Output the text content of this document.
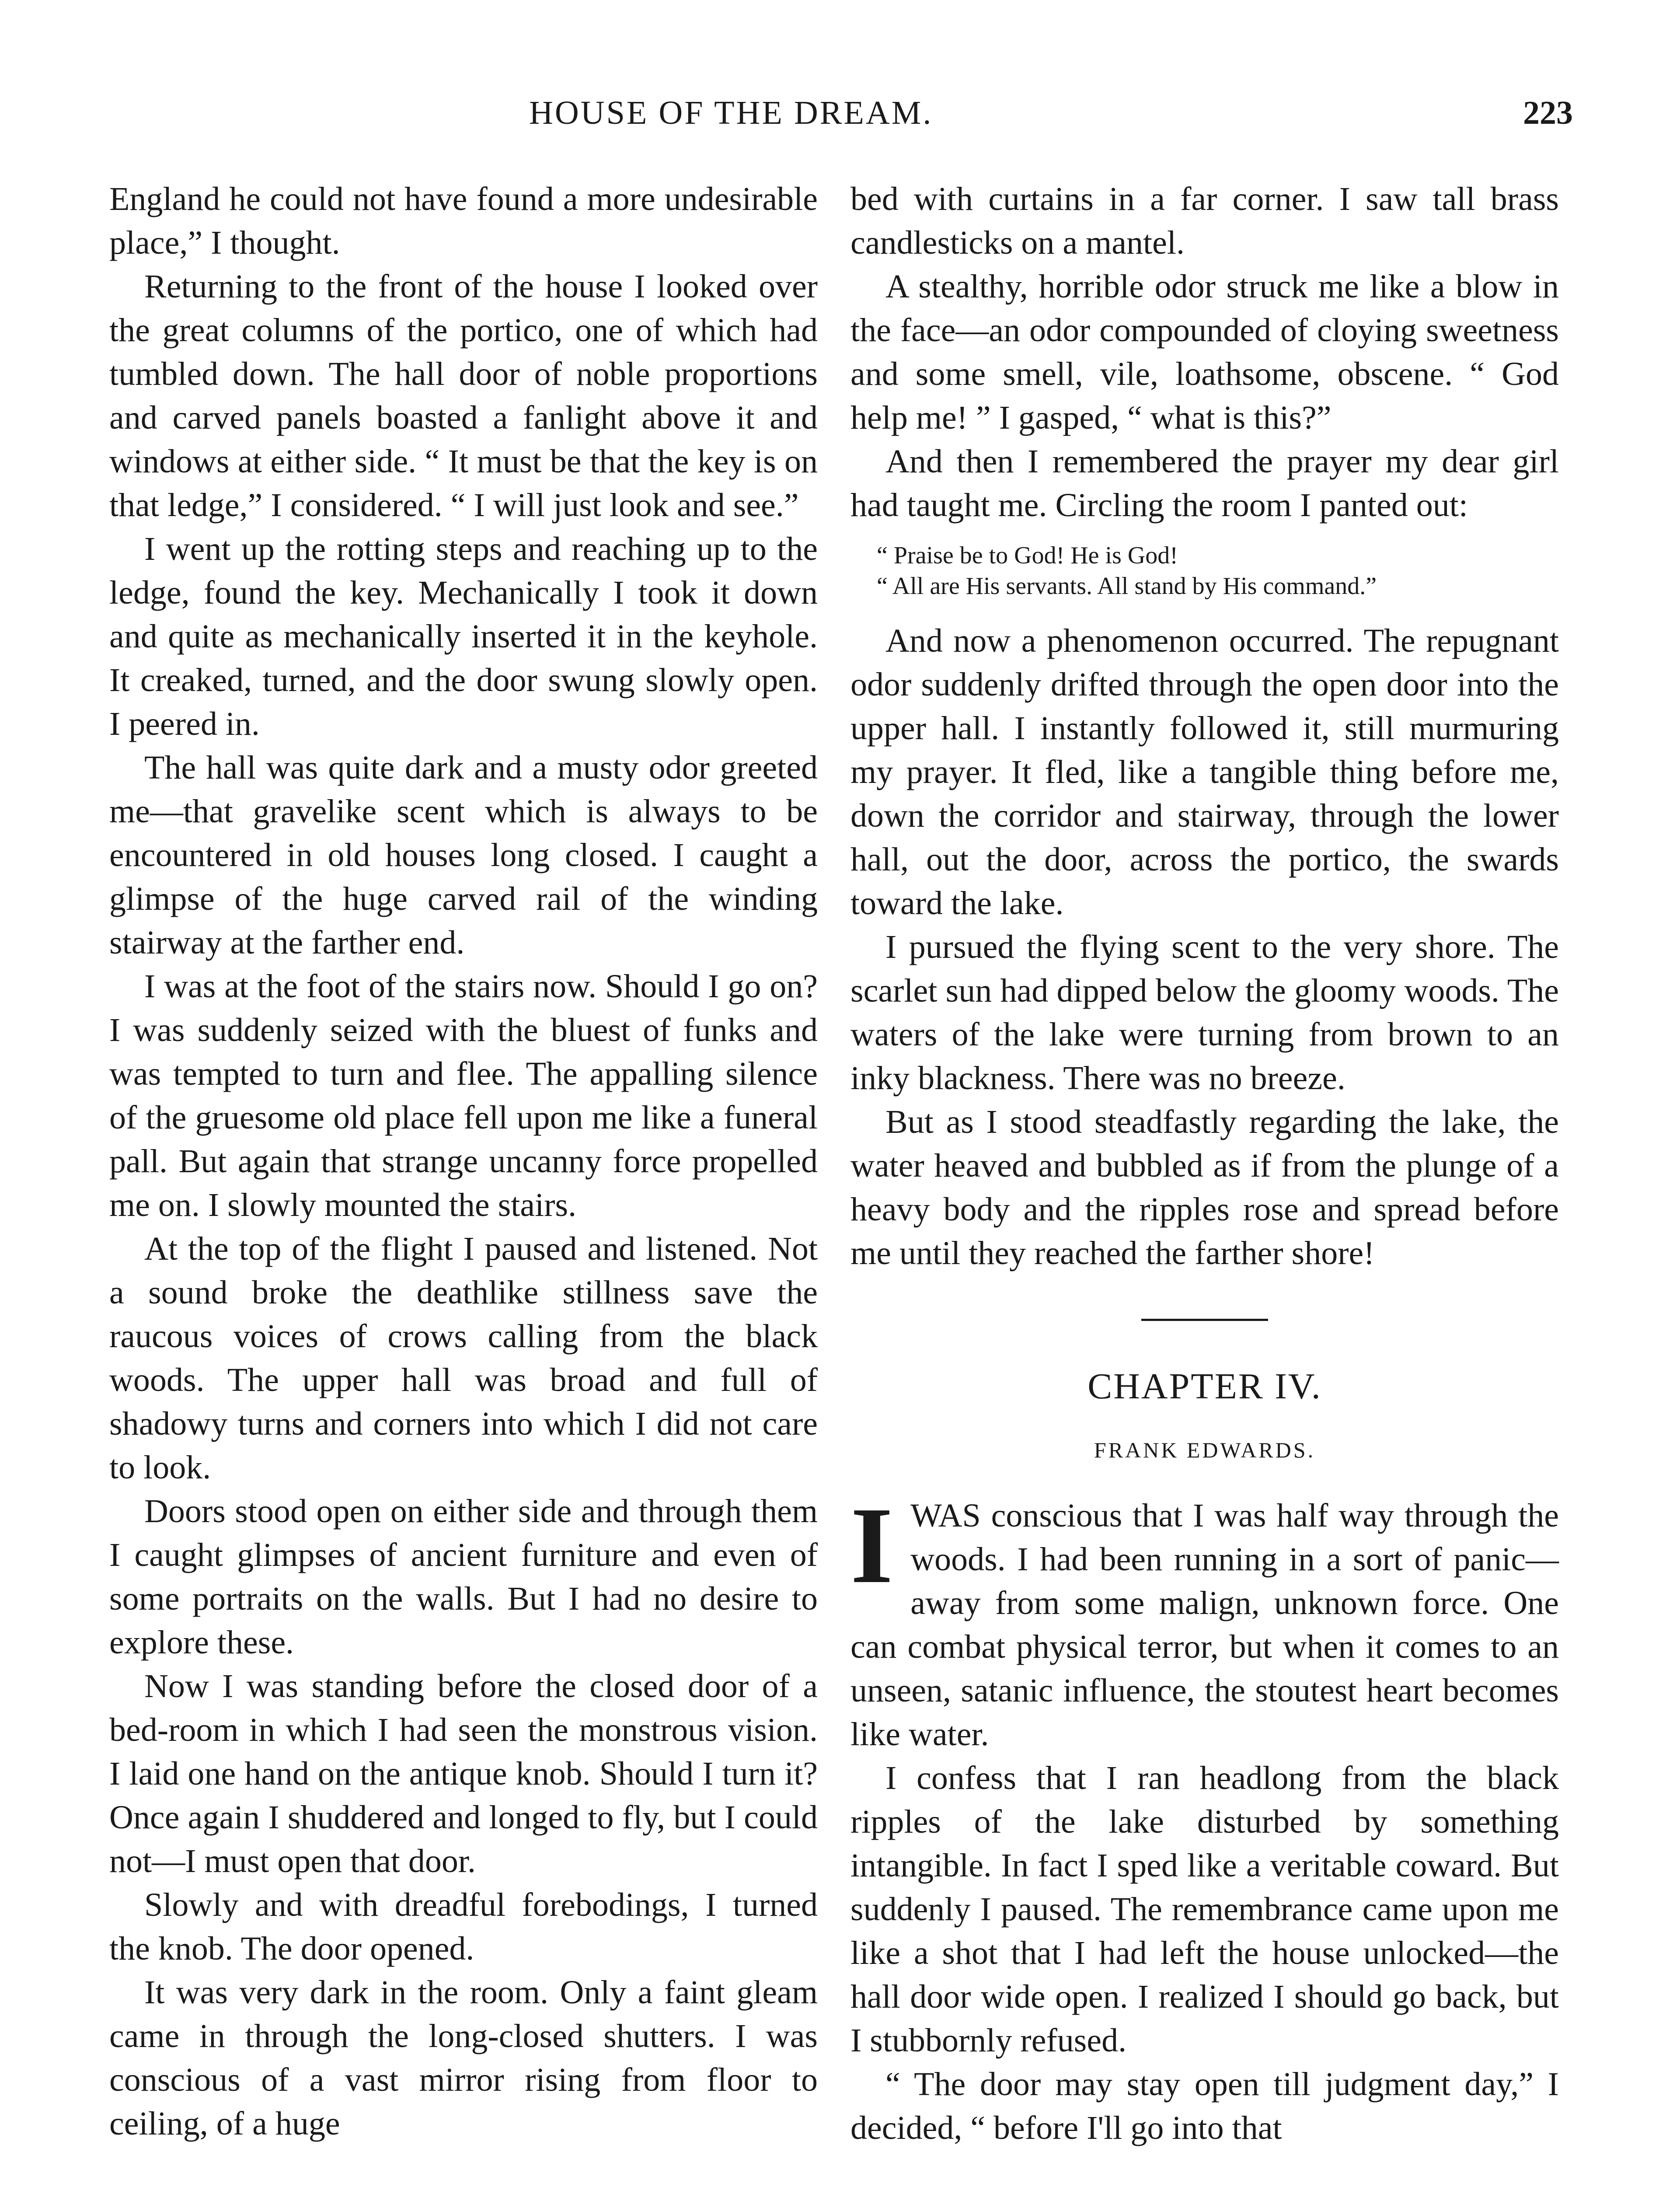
HOUSE OF THE DREAM.	223

England he could not have found a more undesirable place,” I thought.

Returning to the front of the house I looked over the great columns of the portico, one of which had tumbled down. The hall door of noble proportions and carved panels boasted a fanlight above it and windows at either side. “ It must be that the key is on that ledge,” I considered. “ I will just look and see.”

I went up the rotting steps and reaching up to the ledge, found the key. Mechanically I took it down and quite as mechanically inserted it in the keyhole. It creaked, turned, and the door swung slowly open. I peered in.

The hall was quite dark and a musty odor greeted me—that gravelike scent which is always to be encountered in old houses long closed. I caught a glimpse of the huge carved rail of the winding stairway at the farther end.

I was at the foot of the stairs now. Should I go on? I was suddenly seized with the bluest of funks and was tempted to turn and flee. The appalling silence of the gruesome old place fell upon me like a funeral pall. But again that strange uncanny force propelled me on. I slowly mounted the stairs.

At the top of the flight I paused and listened. Not a sound broke the deathlike stillness save the raucous voices of crows calling from the black woods. The upper hall was broad and full of shadowy turns and corners into which I did not care to look.

Doors stood open on either side and through them I caught glimpses of ancient furniture and even of some portraits on the walls. But I had no desire to explore these.

Now I was standing before the closed door of a bed-room in which I had seen the monstrous vision. I laid one hand on the antique knob. Should I turn it? Once again I shuddered and longed to fly, but I could not—I must open that door.

Slowly and with dreadful forebodings, I turned the knob. The door opened.

It was very dark in the room. Only a faint gleam came in through the long-closed shutters. I was conscious of a vast mirror rising from floor to ceiling, of a huge

bed with curtains in a far corner. I saw tall brass candlesticks on a mantel.

A stealthy, horrible odor struck me like a blow in the face—an odor compounded of cloying sweetness and some smell, vile, loathsome, obscene. “ God help me! ” I gasped, “ what is this?”

And then I remembered the prayer my dear girl had taught me. Circling the room I panted out:

“ Praise be to God! He is God!
“ All are His servants. All stand by His command.”

And now a phenomenon occurred. The repugnant odor suddenly drifted through the open door into the upper hall. I instantly followed it, still murmuring my prayer. It fled, like a tangible thing before me, down the corridor and stairway, through the lower hall, out the door, across the portico, the swards toward the lake.

I pursued the flying scent to the very shore. The scarlet sun had dipped below the gloomy woods. The waters of the lake were turning from brown to an inky blackness. There was no breeze.

But as I stood steadfastly regarding the lake, the water heaved and bubbled as if from the plunge of a heavy body and the ripples rose and spread before me until they reached the farther shore!

CHAPTER IV.
FRANK EDWARDS.

IWAS conscious that I was half way through the woods. I had been running in a sort of panic—away from some malign, unknown force. One can combat physical terror, but when it comes to an unseen, satanic influence, the stoutest heart becomes like water.

I confess that I ran headlong from the black ripples of the lake disturbed by something intangible. In fact I sped like a veritable coward. But suddenly I paused. The remembrance came upon me like a shot that I had left the house unlocked—the hall door wide open. I realized I should go back, but I stubbornly refused.

“ The door may stay open till judgment day,” I decided, “ before I'll go into that
